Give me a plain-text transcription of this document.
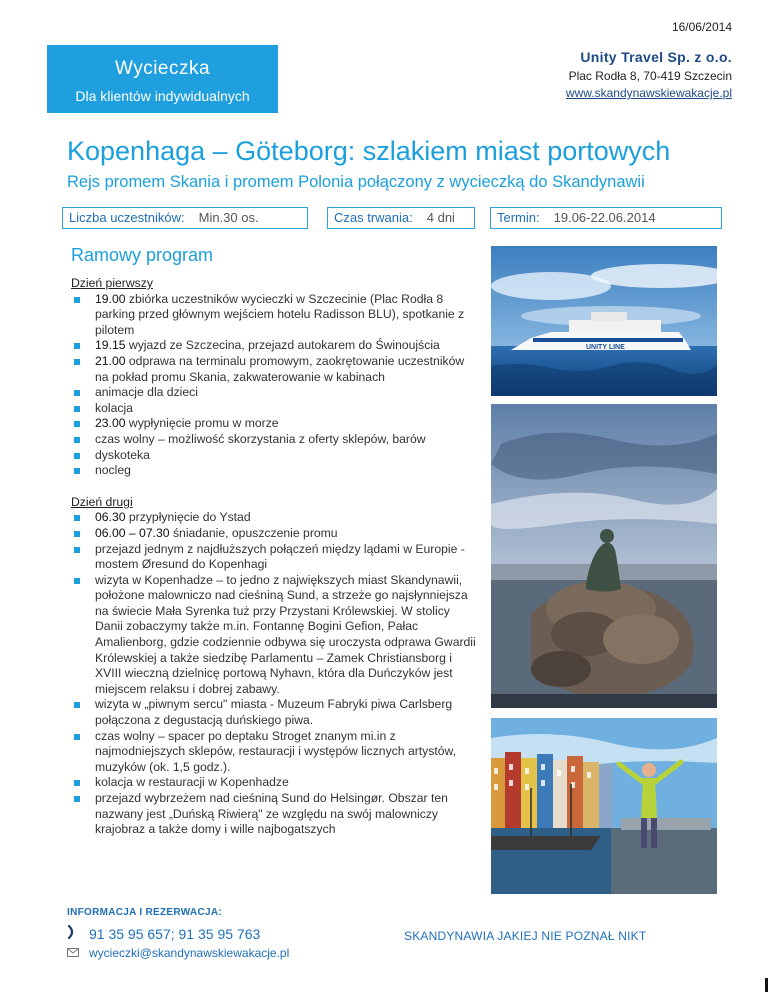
16/06/2014
Wycieczka
Dla klientów indywidualnych
Unity Travel Sp. z o.o.
Plac Rodła 8, 70-419 Szczecin
www.skandynawskiewakacje.pl
Kopenhaga – Göteborg: szlakiem miast portowych
Rejs promem Skania i promem Polonia połączony z wycieczką do Skandynawii
Liczba uczestników: Min.30 os.	Czas trwania: 4 dni	Termin: 19.06-22.06.2014
Ramowy program

Dzień pierwszy

19.00 zbiórka uczestników wycieczki w Szczecinie (Plac Rodła 8 parking przed głównym wejściem hotelu Radisson BLU), spotkanie z pilotem
19.15 wyjazd ze Szczecina, przejazd autokarem do Świnoujścia
21.00 odprawa na terminalu promowym, zaokrętowanie uczestników na pokład promu Skania, zakwaterowanie w kabinach
animacje dla dzieci
kolacja
23.00 wypłynięcie promu w morze
czas wolny – możliwość skorzystania z oferty sklepów, barów
dyskoteka
nocleg

Dzień drugi

06.30 przypłynięcie do Ystad
06.00 – 07.30 śniadanie, opuszczenie promu
przejazd jednym z najdłuższych połączeń między lądami w Europie - mostem Øresund do Kopenhagi
wizyta w Kopenhadze – to jedno z największych miast Skandynawii, położone malowniczo nad cieśniną Sund, a strzeże go najsłynniejsza na świecie Mała Syrenka tuż przy Przystani Królewskiej. W stolicy Danii zobaczymy także m.in. Fontannę Bogini Gefion, Pałac Amalienborg, gdzie codziennie odbywa się uroczysta odprawa Gwardii Królewskiej a także siedzibę Parlamentu – Zamek Christiansborg i XVIII wieczną dzielnicę portową Nyhavn, która dla Duńczyków jest miejscem relaksu i dobrej zabawy.
wizyta w „piwnym sercu" miasta - Muzeum Fabryki piwa Carlsberg połączona z degustacją duńskiego piwa.
czas wolny – spacer po deptaku Stroget znanym mi.in z najmodniejszych sklepów, restauracji i występów licznych artystów, muzyków (ok. 1,5 godz.).
kolacja w restauracji w Kopenhadze
przejazd wybrzeżem nad cieśniną Sund do Helsingør. Obszar ten nazwany jest „Duńską Riwierą" ze względu na swój malowniczy krajobraz a także domy i wille najbogatszych
UNITY LINE
INFORMACJA I REZERWACJA:
91 35 95 657; 91 35 95 763
wycieczki@skandynawskiewakacje.pl
SKANDYNAWIA JAKIEJ NIE POZNAŁ NIKT
